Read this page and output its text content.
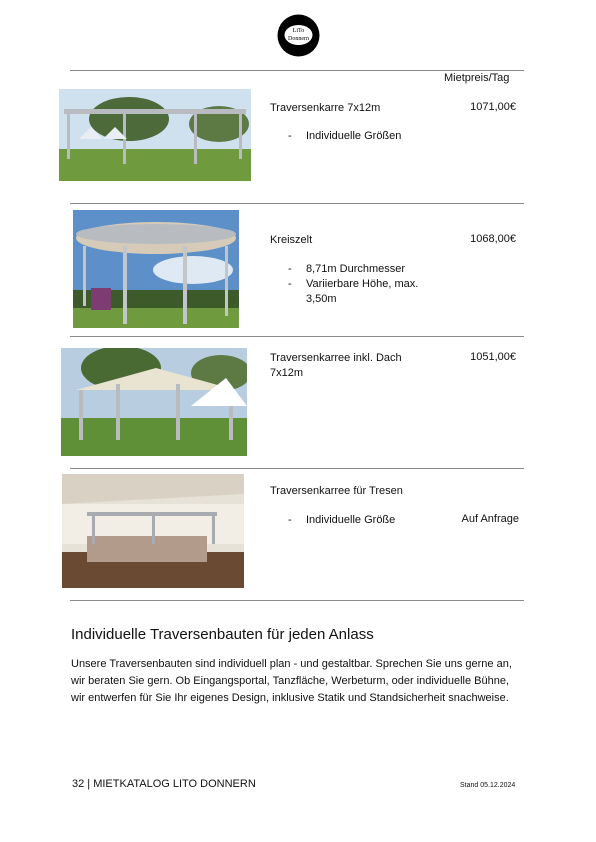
LiTo
Donnern
Mietpreis/Tag
Traversenkarre 7x12m	1071,00€
- Individuelle Größen
Kreiszelt	1068,00€
- 8,71m Durchmesser
- Variierbare Höhe, max. 3,50m
Traversenkarree inkl. Dach 7x12m
1051,00€
Traversenkarree für Tresen
- Individuelle Größe	Auf Anfrage
Individuelle Traversenbauten für jeden Anlass

Unsere Traversenbauten sind individuell plan - und gestaltbar. Sprechen Sie uns gerne an, wir beraten Sie gern. Ob Eingangsportal, Tanzfläche, Werbeturm, oder individuelle Bühne, wir entwerfen für Sie Ihr eigenes Design, inklusive Statik und Standsicherheit snachweise.

32 | MIETKATALOG LITO DONNERN	Stand 05.12.2024
